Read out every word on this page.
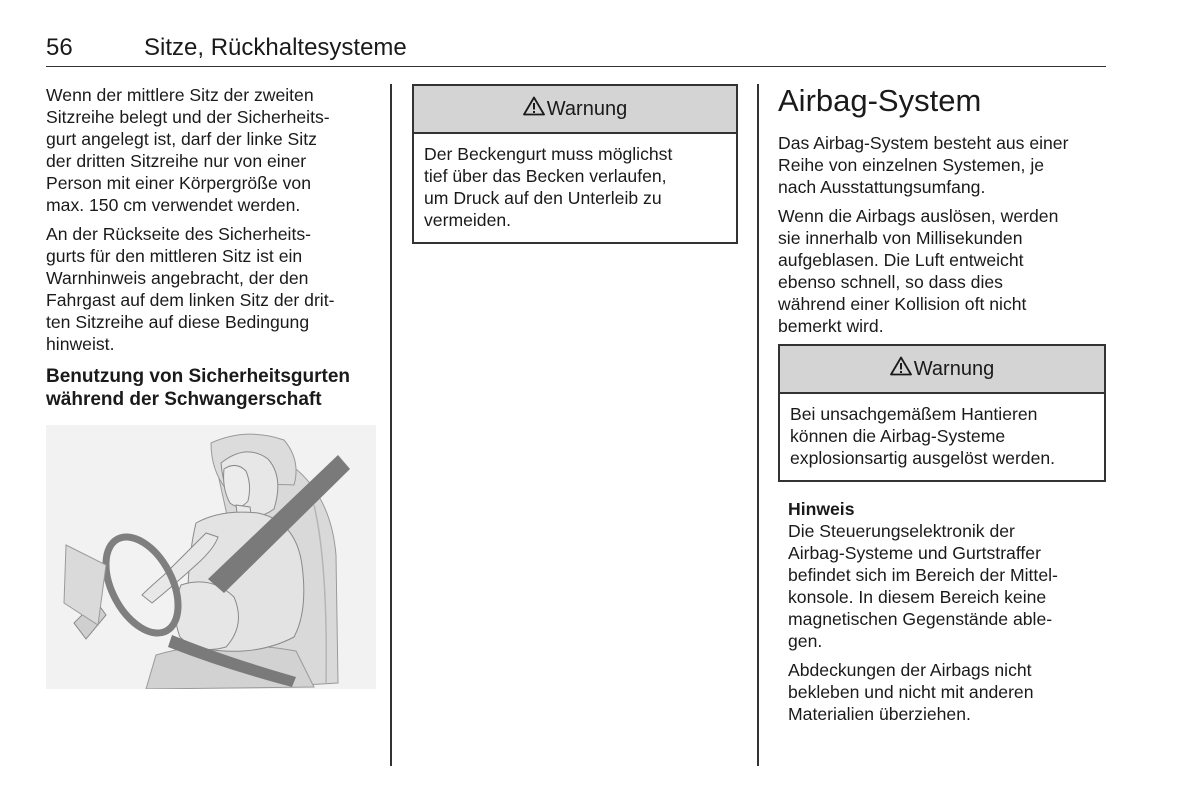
56	Sitze, Rückhaltesysteme

Wenn der mittlere Sitz der zweiten
Sitzreihe belegt und der Sicherheits-
gurt angelegt ist, darf der linke Sitz
der dritten Sitzreihe nur von einer
Person mit einer Körpergröße von
max. 150 cm verwendet werden.

An der Rückseite des Sicherheits-
gurts für den mittleren Sitz ist ein
Warnhinweis angebracht, der den
Fahrgast auf dem linken Sitz der drit-
ten Sitzreihe auf diese Bedingung
hinweist.

Benutzung von Sicherheitsgurten
während der Schwangerschaft
Warnung
Der Beckengurt muss möglichst
tief über das Becken verlaufen,
um Druck auf den Unterleib zu
vermeiden.
Airbag-System

Das Airbag-System besteht aus einer
Reihe von einzelnen Systemen, je
nach Ausstattungsumfang.

Wenn die Airbags auslösen, werden
sie innerhalb von Millisekunden
aufgeblasen. Die Luft entweicht
ebenso schnell, so dass dies
während einer Kollision oft nicht
bemerkt wird.

Warnung
Bei unsachgemäßem Hantieren
können die Airbag-Systeme
explosionsartig ausgelöst werden.
Hinweis

Die Steuerungselektronik der
Airbag-Systeme und Gurtstraffer
befindet sich im Bereich der Mittel-
konsole. In diesem Bereich keine
magnetischen Gegenstände able-
gen.

Abdeckungen der Airbags nicht
bekleben und nicht mit anderen
Materialien überziehen.
